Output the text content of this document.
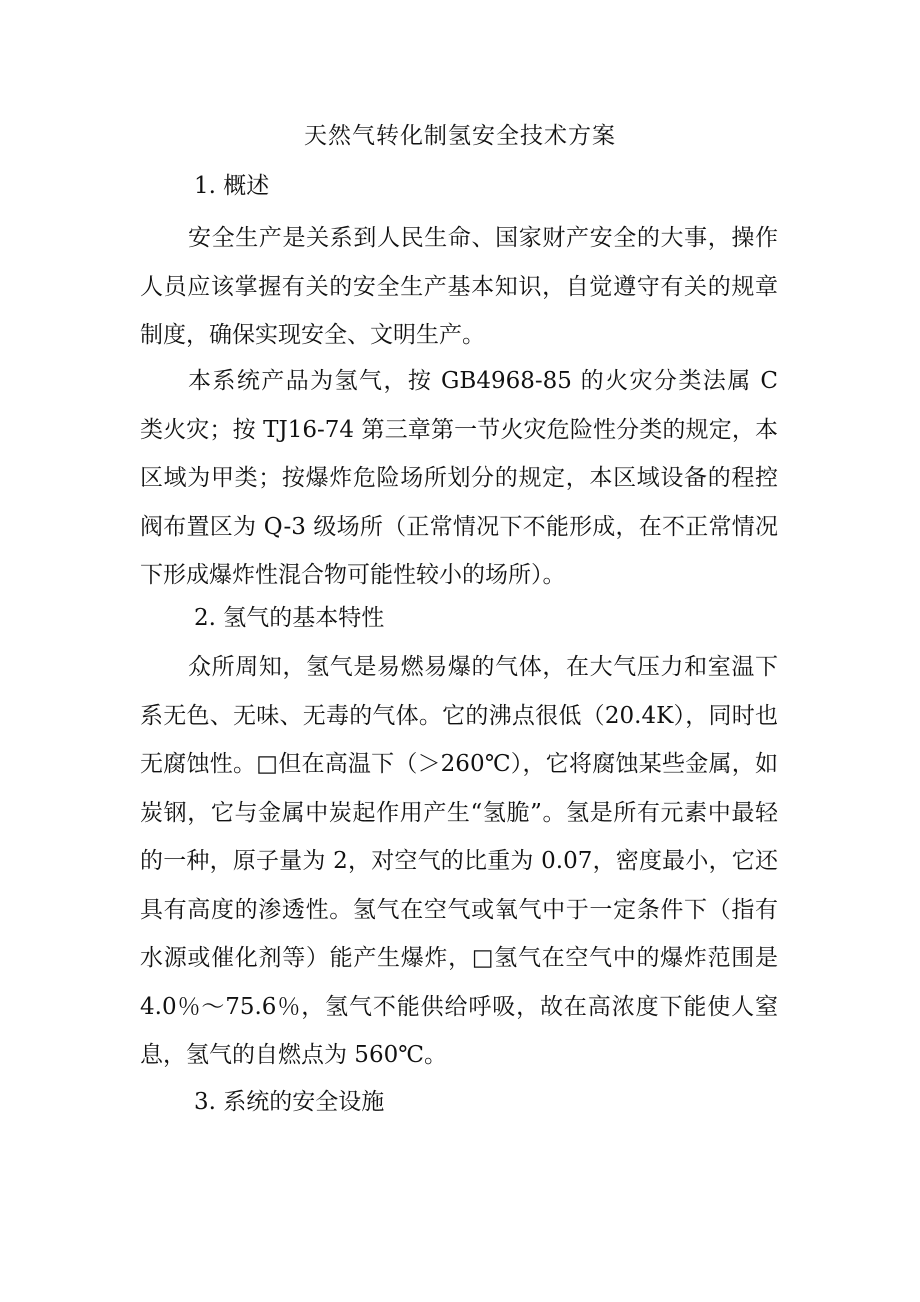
天然气转化制氢安全技术方案
1. 概述

安全生产是关系到人民生命、国家财产安全的大事，操作人员应该掌握有关的安全生产基本知识，自觉遵守有关的规章制度，确保实现安全、文明生产。

本系统产品为氢气，按 GB4968-85 的火灾分类法属 C 类火灾；按 TJ16-74 第三章第一节火灾危险性分类的规定，本区域为甲类；按爆炸危险场所划分的规定，本区域设备的程控阀布置区为 Q-3 级场所（正常情况下不能形成，在不正常情况下形成爆炸性混合物可能性较小的场所）。

2. 氢气的基本特性

众所周知，氢气是易燃易爆的气体，在大气压力和室温下系无色、无味、无毒的气体。它的沸点很低（20.4K），同时也无腐蚀性。□但在高温下（＞260℃），它将腐蚀某些金属，如炭钢，它与金属中炭起作用产生“氢脆”。氢是所有元素中最轻的一种，原子量为 2，对空气的比重为 0.07，密度最小，它还具有高度的渗透性。氢气在空气或氧气中于一定条件下（指有水源或催化剂等）能产生爆炸，□氢气在空气中的爆炸范围是 4.0％～75.6％，氢气不能供给呼吸，故在高浓度下能使人窒息，氢气的自燃点为 560℃。

3. 系统的安全设施
